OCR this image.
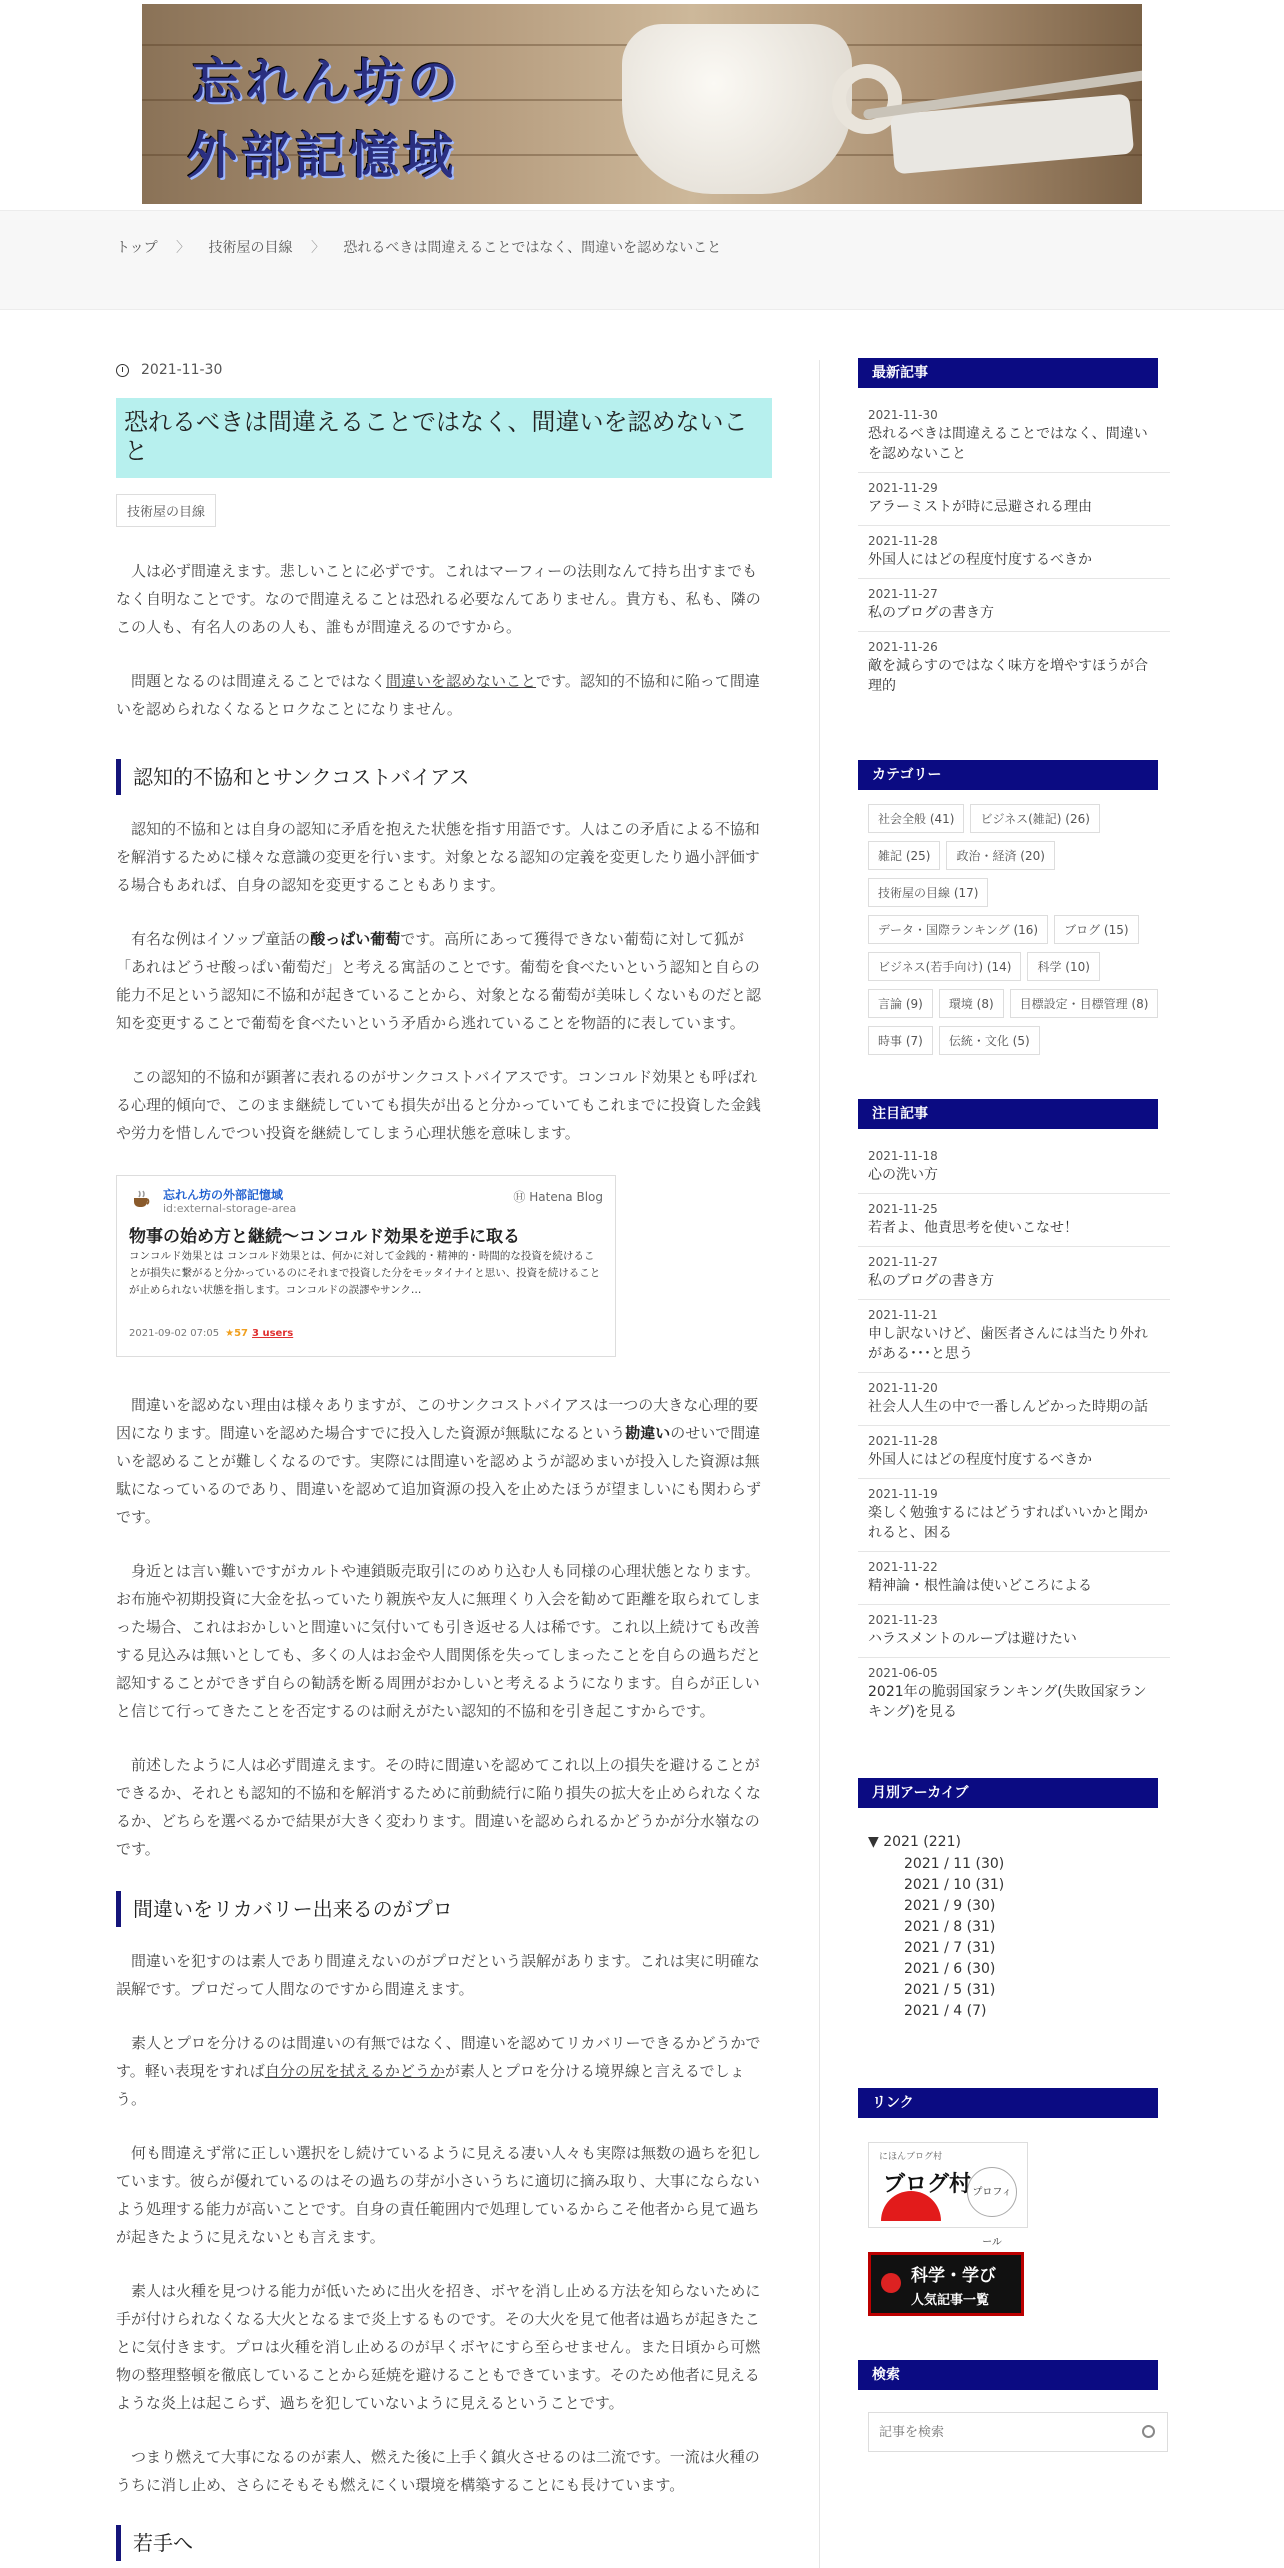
忘れん坊の
外部記憶域
トップ 〉 技術屋の目線 〉 恐れるべきは間違えることではなく、間違いを認めないこと
2021-11-30
恐れるべきは間違えることではなく、間違いを認めないこと
技術屋の目線

人は必ず間違えます。悲しいことに必ずです。これはマーフィーの法則なんて持ち出すまでもなく自明なことです。なので間違えることは恐れる必要なんてありません。貴方も、私も、隣のこの人も、有名人のあの人も、誰もが間違えるのですから。

問題となるのは間違えることではなく間違いを認めないことです。認知的不協和に陥って間違いを認められなくなるとロクなことになりません。

認知的不協和とサンクコストバイアス

認知的不協和とは自身の認知に矛盾を抱えた状態を指す用語です。人はこの矛盾による不協和を解消するために様々な意識の変更を行います。対象となる認知の定義を変更したり過小評価する場合もあれば、自身の認知を変更することもあります。

有名な例はイソップ童話の酸っぱい葡萄です。高所にあって獲得できない葡萄に対して狐が「あれはどうせ酸っぱい葡萄だ」と考える寓話のことです。葡萄を食べたいという認知と自らの能力不足という認知に不協和が起きていることから、対象となる葡萄が美味しくないものだと認知を変更することで葡萄を食べたいという矛盾から逃れていることを物語的に表しています。

この認知的不協和が顕著に表れるのがサンクコストバイアスです。コンコルド効果とも呼ばれる心理的傾向で、このまま継続していても損失が出ると分かっていてもこれまでに投資した金銭や労力を惜しんでつい投資を継続してしまう心理状態を意味します。

忘れん坊の外部記憶域
id:external-storage-area
Ⓗ Hatena Blog
物事の始め方と継続～コンコルド効果を逆手に取る
コンコルド効果とは コンコルド効果とは、何かに対して金銭的・精神的・時間的な投資を続けることが損失に繋がると分かっているのにそれまで投資した分をモッタイナイと思い、投資を続けることが止められない状態を指します。コンコルドの誤謬やサンク…
2021-09-02 07:05 ★57 3 users

間違いを認めない理由は様々ありますが、このサンクコストバイアスは一つの大きな心理的要因になります。間違いを認めた場合すでに投入した資源が無駄になるという勘違いのせいで間違いを認めることが難しくなるのです。実際には間違いを認めようが認めまいが投入した資源は無駄になっているのであり、間違いを認めて追加資源の投入を止めたほうが望ましいにも関わらずです。

身近とは言い難いですがカルトや連鎖販売取引にのめり込む人も同様の心理状態となります。お布施や初期投資に大金を払っていたり親族や友人に無理くり入会を勧めて距離を取られてしまった場合、これはおかしいと間違いに気付いても引き返せる人は稀です。これ以上続けても改善する見込みは無いとしても、多くの人はお金や人間関係を失ってしまったことを自らの過ちだと認知することができず自らの勧誘を断る周囲がおかしいと考えるようになります。自らが正しいと信じて行ってきたことを否定するのは耐えがたい認知的不協和を引き起こすからです。

前述したように人は必ず間違えます。その時に間違いを認めてこれ以上の損失を避けることができるか、それとも認知的不協和を解消するために前動続行に陥り損失の拡大を止められなくなるか、どちらを選べるかで結果が大きく変わります。間違いを認められるかどうかが分水嶺なのです。

間違いをリカバリー出来るのがプロ

間違いを犯すのは素人であり間違えないのがプロだという誤解があります。これは実に明確な誤解です。プロだって人間なのですから間違えます。

素人とプロを分けるのは間違いの有無ではなく、間違いを認めてリカバリーできるかどうかです。軽い表現をすれば自分の尻を拭えるかどうかが素人とプロを分ける境界線と言えるでしょう。

何も間違えず常に正しい選択をし続けているように見える凄い人々も実際は無数の過ちを犯しています。彼らが優れているのはその過ちの芽が小さいうちに適切に摘み取り、大事にならないよう処理する能力が高いことです。自身の責任範囲内で処理しているからこそ他者から見て過ちが起きたように見えないとも言えます。

素人は火種を見つける能力が低いために出火を招き、ボヤを消し止める方法を知らないために手が付けられなくなる大火となるまで炎上するものです。その大火を見て他者は過ちが起きたことに気付きます。プロは火種を消し止めるのが早くボヤにすら至らせません。また日頃から可燃物の整理整頓を徹底していることから延焼を避けることもできています。そのため他者に見えるような炎上は起こらず、過ちを犯していないように見えるということです。

つまり燃えて大事になるのが素人、燃えた後に上手く鎮火させるのは二流です。一流は火種のうちに消し止め、さらにそもそも燃えにくい環境を構築することにも長けています。

若手へ
最新記事
2021-11-30
恐れるべきは間違えることではなく、間違いを認めないこと
2021-11-29
アラーミストが時に忌避される理由
2021-11-28
外国人にはどの程度忖度するべきか
2021-11-27
私のブログの書き方
2021-11-26
敵を減らすのではなく味方を増やすほうが合理的
カテゴリー
社会全般 (41)	ビジネス(雑記) (26)
雑記 (25)	政治・経済 (20)
技術屋の目線 (17)
データ・国際ランキング (16)	ブログ (15)
ビジネス(若手向け) (14)	科学 (10)
言論 (9)	環境 (8)	目標設定・目標管理 (8)
時事 (7)	伝統・文化 (5)
注目記事
2021-11-18
心の洗い方
2021-11-25
若者よ、他責思考を使いこなせ！
2021-11-27
私のブログの書き方
2021-11-21
申し訳ないけど、歯医者さんには当たり外れがある･･･と思う
2021-11-20
社会人人生の中で一番しんどかった時期の話
2021-11-28
外国人にはどの程度忖度するべきか
2021-11-19
楽しく勉強するにはどうすればいいかと聞かれると、困る
2021-11-22
精神論・根性論は使いどころによる
2021-11-23
ハラスメントのループは避けたい
2021-06-05
2021年の脆弱国家ランキング(失敗国家ランキング)を見る
月別アーカイブ
▼ 2021 (221)
2021 / 11 (30)
2021 / 10 (31)
2021 / 9 (30)
2021 / 8 (31)
2021 / 7 (31)
2021 / 6 (30)
2021 / 5 (31)
2021 / 4 (7)
リンク
にほんブログ村
ブログ村 プロフィール
科学・学び
人気記事一覧
検索
記事を検索
